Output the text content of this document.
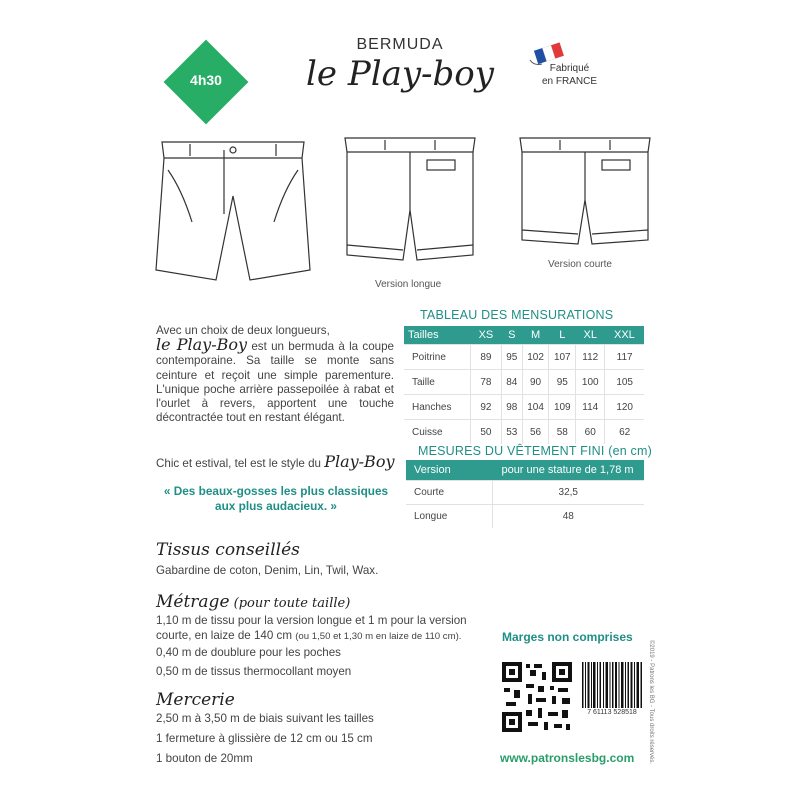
4h30
BERMUDA
le Play-boy	Fabriqué
en FRANCE
Version longue
Version courte
Avec un choix de deux longueurs,
le Play-Boy est un bermuda à la coupe contemporaine. Sa taille se monte sans ceinture et reçoit une simple parementure. L'unique poche arrière passepoilée à rabat et l'ourlet à revers, apportent une touche décontractée tout en restant élégant.
Chic et estival, tel est le style du Play-Boy
« Des beaux-gosses les plus classiques aux plus audacieux. »
TABLEAU DES MENSURATIONS
Tailles	XS	S	M	L	XL	XXL
Poitrine	89	95	102	107	112	117
Taille	78	84	90	95	100	105
Hanches	92	98	104	109	114	120
Cuisse	50	53	56	58	60	62
MESURES DU VÊTEMENT FINI (en cm)
Version	pour une stature de 1,78 m
Courte	32,5
Longue	48
Tissus conseillés
Gabardine de coton, Denim, Lin, Twil, Wax.
Métrage (pour toute taille)
1,10 m de tissu pour la version longue et 1 m pour la version
courte, en laize de 140 cm (ou 1,50 et 1,30 m en laize de 110 cm).
0,40 m de doublure pour les poches
0,50 m de tissus thermocollant moyen
Mercerie
2,50 m à 3,50 m de biais suivant les tailles
1 fermeture à glissière de 12 cm ou 15 cm
1 bouton de 20mm
Marges non comprises
7 61113 528518
www.patronslesbg.com ©2019 - Patrons les BG - Tous droits réservés.
